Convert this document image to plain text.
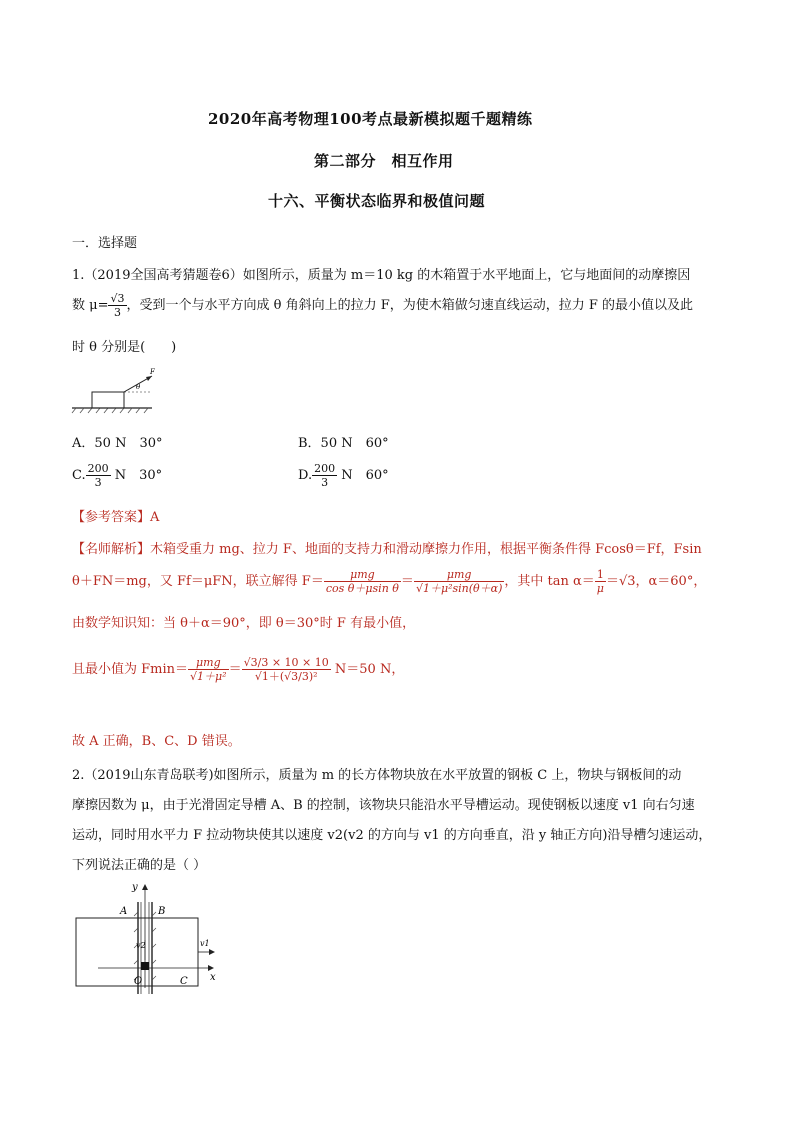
2020年高考物理100考点最新模拟题千题精练
第二部分　相互作用
十六、平衡状态临界和极值问题
一．选择题
1.（2019全国高考猜题卷6）如图所示，质量为 m＝10 kg 的木箱置于水平地面上，它与地面间的动摩擦因
数 $\mu= \frac{√3}{3}$ ，受到一个与水平方向成 θ 角斜向上的拉力 F，为使木箱做匀速直线运动，拉力 F 的最小值以及此
时 θ 分别是(　　)
θ
F
A．50 N　30°	B．50 N　60°
C. $\frac{200}{3}$ N　30°	D. $\frac{200}{3}$ N　60°
【参考答案】A
【名师解析】木箱受重力 mg、拉力 F、地面的支持力和滑动摩擦力作用，根据平衡条件得 Fcosθ＝Ff，Fsin
θ＋FN＝mg，又 Ff＝μFN，联立解得 $F= \frac{\text{μmg}}{\text{cos θ＋μsin θ}} = \frac{\text{μmg}}{\text{√1＋μ²sin(θ＋α)}}$ ，其中 $\tan \alpha= \frac{1}{\mu} =√3$，α＝60°，
由数学知识知：当 θ＋α＝90°，即 θ＝30°时 F 有最小值，
且最小值为 $Fmin= \frac{\text{μmg}}{\text{√1＋μ²}} = \frac{√3/3 \times 10 \times 10}{\text{√1＋(√3/3)²}} N=50$ N，
故 A 正确，B、C、D 错误。
2.（2019山东青岛联考)如图所示，质量为 m 的长方体物块放在水平放置的钢板 C 上，物块与钢板间的动
摩擦因数为 μ，由于光滑固定导槽 A、B 的控制，该物块只能沿水平导槽运动。现使钢板以速度 v1 向右匀速
运动，同时用水平力 F 拉动物块使其以速度 v2(v2 的方向与 v1 的方向垂直，沿 y 轴正方向)沿导槽匀速运动，
下列说法正确的是（ ）
y
A	B
v2	v1
x
O	C
